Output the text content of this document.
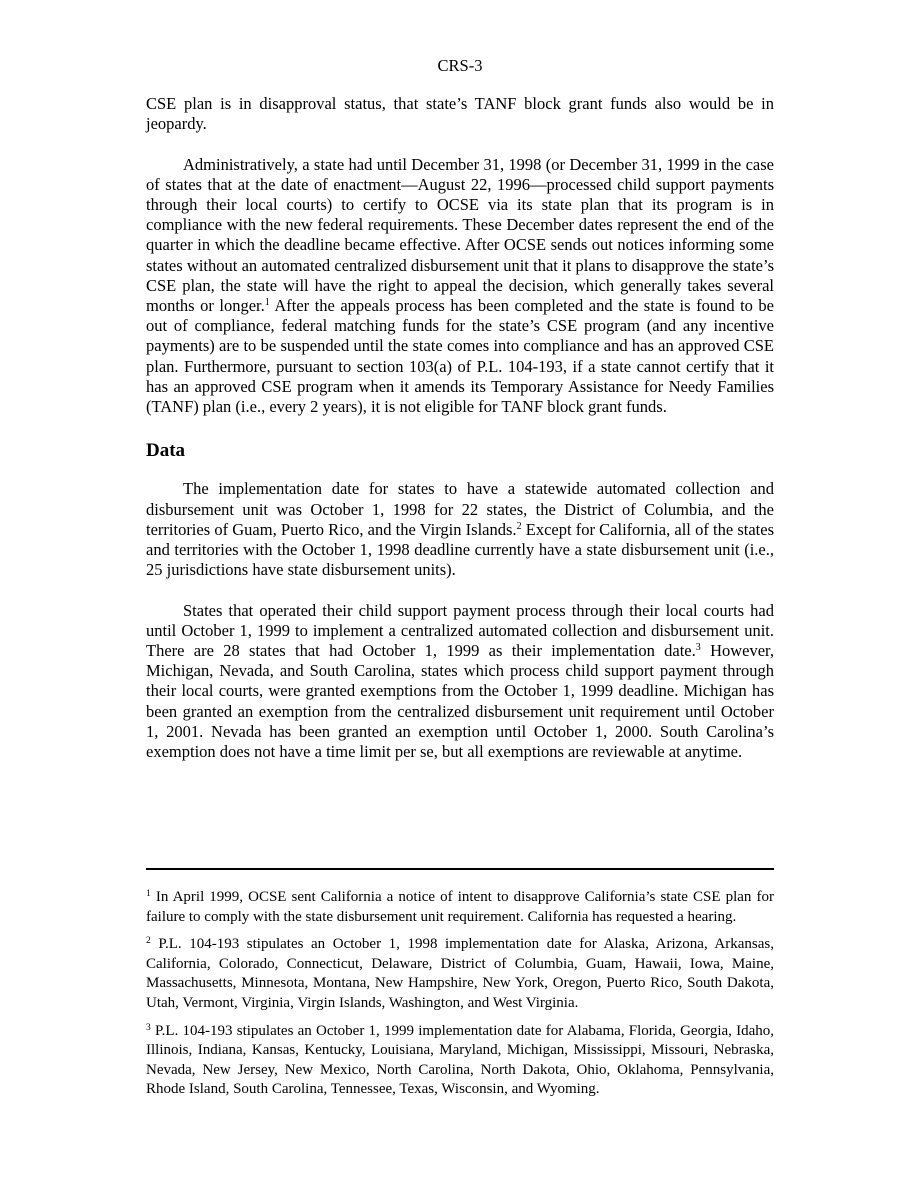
CRS-3

CSE plan is in disapproval status, that state’s TANF block grant funds also would be in jeopardy.

Administratively, a state had until December 31, 1998 (or December 31, 1999 in the case of states that at the date of enactment—August 22, 1996—processed child support payments through their local courts) to certify to OCSE via its state plan that its program is in compliance with the new federal requirements. These December dates represent the end of the quarter in which the deadline became effective. After OCSE sends out notices informing some states without an automated centralized disbursement unit that it plans to disapprove the state’s CSE plan, the state will have the right to appeal the decision, which generally takes several months or longer.$^1$ After the appeals process has been completed and the state is found to be out of compliance, federal matching funds for the state’s CSE program (and any incentive payments) are to be suspended until the state comes into compliance and has an approved CSE plan. Furthermore, pursuant to section 103(a) of P.L. 104-193, if a state cannot certify that it has an approved CSE program when it amends its Temporary Assistance for Needy Families (TANF) plan (i.e., every 2 years), it is not eligible for TANF block grant funds.

Data

The implementation date for states to have a statewide automated collection and disbursement unit was October 1, 1998 for 22 states, the District of Columbia, and the territories of Guam, Puerto Rico, and the Virgin Islands.$^2$ Except for California, all of the states and territories with the October 1, 1998 deadline currently have a state disbursement unit (i.e., 25 jurisdictions have state disbursement units).

States that operated their child support payment process through their local courts had until October 1, 1999 to implement a centralized automated collection and disbursement unit. There are 28 states that had October 1, 1999 as their implementation date.$^3$ However, Michigan, Nevada, and South Carolina, states which process child support payment through their local courts, were granted exemptions from the October 1, 1999 deadline. Michigan has been granted an exemption from the centralized disbursement unit requirement until October 1, 2001. Nevada has been granted an exemption until October 1, 2000. South Carolina’s exemption does not have a time limit per se, but all exemptions are reviewable at anytime.

$^1$ In April 1999, OCSE sent California a notice of intent to disapprove California’s state CSE plan for failure to comply with the state disbursement unit requirement. California has requested a hearing.

$^2$ P.L. 104-193 stipulates an October 1, 1998 implementation date for Alaska, Arizona, Arkansas, California, Colorado, Connecticut, Delaware, District of Columbia, Guam, Hawaii, Iowa, Maine, Massachusetts, Minnesota, Montana, New Hampshire, New York, Oregon, Puerto Rico, South Dakota, Utah, Vermont, Virginia, Virgin Islands, Washington, and West Virginia.

$^3$ P.L. 104-193 stipulates an October 1, 1999 implementation date for Alabama, Florida, Georgia, Idaho, Illinois, Indiana, Kansas, Kentucky, Louisiana, Maryland, Michigan, Mississippi, Missouri, Nebraska, Nevada, New Jersey, New Mexico, North Carolina, North Dakota, Ohio, Oklahoma, Pennsylvania, Rhode Island, South Carolina, Tennessee, Texas, Wisconsin, and Wyoming.
